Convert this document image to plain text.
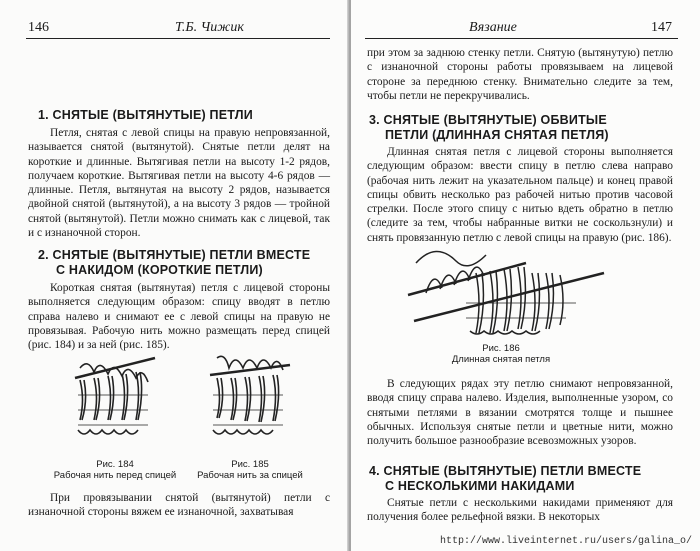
146	Т.Б. Чижик
1. СНЯТЫЕ (ВЫТЯНУТЫЕ) ПЕТЛИ
Петля, снятая с левой спицы на правую непровязанной, называется снятой (вытянутой). Снятые петли делят на короткие и длинные. Вытягивая петли на высоту 1-2 рядов, получаем короткие. Вытягивая петли на высоту 4-6 рядов — длинные. Петля, вытянутая на высоту 2 рядов, называется двойной снятой (вытянутой), а на высоту 3 рядов — тройной снятой (вытянутой). Петли можно снимать как с лицевой, так и с изнаночной сторон.
2. СНЯТЫЕ (ВЫТЯНУТЫЕ) ПЕТЛИ ВМЕСТЕ
С НАКИДОМ (КОРОТКИЕ ПЕТЛИ)
Короткая снятая (вытянутая) петля с лицевой стороны выполняется следующим образом: спицу вводят в петлю справа налево и снимают ее с левой спицы на правую не провязывая. Рабочую нить можно размещать перед спицей (рис. 184) и за ней (рис. 185).
Рис. 184
Рабочая нить перед спицей
Рис. 185
Рабочая нить за спицей
При провязывании снятой (вытянутой) петли с изнаночной стороны вяжем ее изнаночной, захватывая
Вязание	147
при этом за заднюю стенку петли. Снятую (вытянутую) петлю с изнаночной стороны работы провязываем на лицевой стороне за переднюю стенку. Внимательно следите за тем, чтобы петли не перекручивались.
3. СНЯТЫЕ (ВЫТЯНУТЫЕ) ОБВИТЫЕ
ПЕТЛИ (ДЛИННАЯ СНЯТАЯ ПЕТЛЯ)
Длинная снятая петля с лицевой стороны выполняется следующим образом: ввести спицу в петлю слева направо (рабочая нить лежит на указательном пальце) и конец правой спицы обвить несколько раз рабочей нитью против часовой стрелки. После этого спицу с нитью вдеть обратно в петлю (следите за тем, чтобы набранные витки не соскользнули) и снять провязанную петлю с левой спицы на правую (рис. 186).
Рис. 186
Длинная снятая петля
В следующих рядах эту петлю снимают непровязанной, вводя спицу справа налево. Изделия, выполненные узором, со снятыми петлями в вязании смотрятся толще и пышнее обычных. Используя снятые петли и цветные нити, можно получить большое разнообразие всевозможных узоров.
4. СНЯТЫЕ (ВЫТЯНУТЫЕ) ПЕТЛИ ВМЕСТЕ
С НЕСКОЛЬКИМИ НАКИДАМИ
Снятые петли с несколькими накидами применяют для получения более рельефной вязки. В некоторых
http://www.liveinternet.ru/users/galina_o/
